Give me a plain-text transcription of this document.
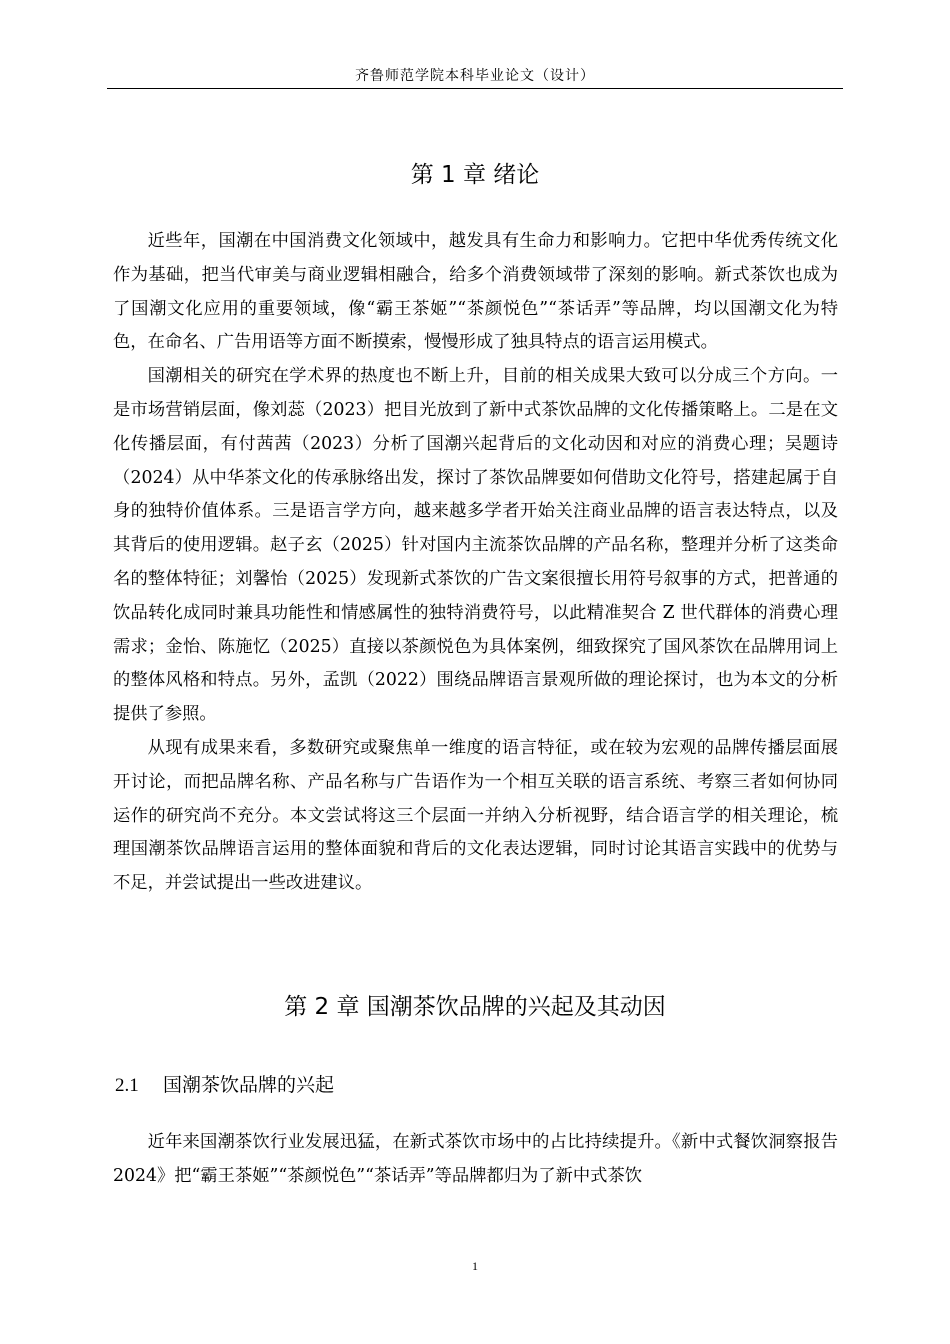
齐鲁师范学院本科毕业论文（设计）
第 1 章 绪论

近些年，国潮在中国消费文化领域中，越发具有生命力和影响力。它把中华优秀传统文化作为基础，把当代审美与商业逻辑相融合，给多个消费领域带了深刻的影响。新式茶饮也成为了国潮文化应用的重要领域，像“霸王茶姬”“茶颜悦色”“茶话弄”等品牌，均以国潮文化为特色，在命名、广告用语等方面不断摸索，慢慢形成了独具特点的语言运用模式。

国潮相关的研究在学术界的热度也不断上升，目前的相关成果大致可以分成三个方向。一是市场营销层面，像刘蕊（2023）把目光放到了新中式茶饮品牌的文化传播策略上。二是在文化传播层面，有付茜茜（2023）分析了国潮兴起背后的文化动因和对应的消费心理；吴题诗（2024）从中华茶文化的传承脉络出发，探讨了茶饮品牌要如何借助文化符号，搭建起属于自身的独特价值体系。三是语言学方向，越来越多学者开始关注商业品牌的语言表达特点，以及其背后的使用逻辑。赵子玄（2025）针对国内主流茶饮品牌的产品名称，整理并分析了这类命名的整体特征；刘馨怡（2025）发现新式茶饮的广告文案很擅长用符号叙事的方式，把普通的饮品转化成同时兼具功能性和情感属性的独特消费符号，以此精准契合 Z 世代群体的消费心理需求；金怡、陈施忆（2025）直接以茶颜悦色为具体案例，细致探究了国风茶饮在品牌用词上的整体风格和特点。另外，孟凯（2022）围绕品牌语言景观所做的理论探讨，也为本文的分析提供了参照。

从现有成果来看，多数研究或聚焦单一维度的语言特征，或在较为宏观的品牌传播层面展开讨论，而把品牌名称、产品名称与广告语作为一个相互关联的语言系统、考察三者如何协同运作的研究尚不充分。本文尝试将这三个层面一并纳入分析视野，结合语言学的相关理论，梳理国潮茶饮品牌语言运用的整体面貌和背后的文化表达逻辑，同时讨论其语言实践中的优势与不足，并尝试提出一些改进建议。

第 2 章 国潮茶饮品牌的兴起及其动因
2.1 国潮茶饮品牌的兴起

近年来国潮茶饮行业发展迅猛，在新式茶饮市场中的占比持续提升。《新中式餐饮洞察报告 2024》把“霸王茶姬”“茶颜悦色”“茶话弄”等品牌都归为了新中式茶饮

1
